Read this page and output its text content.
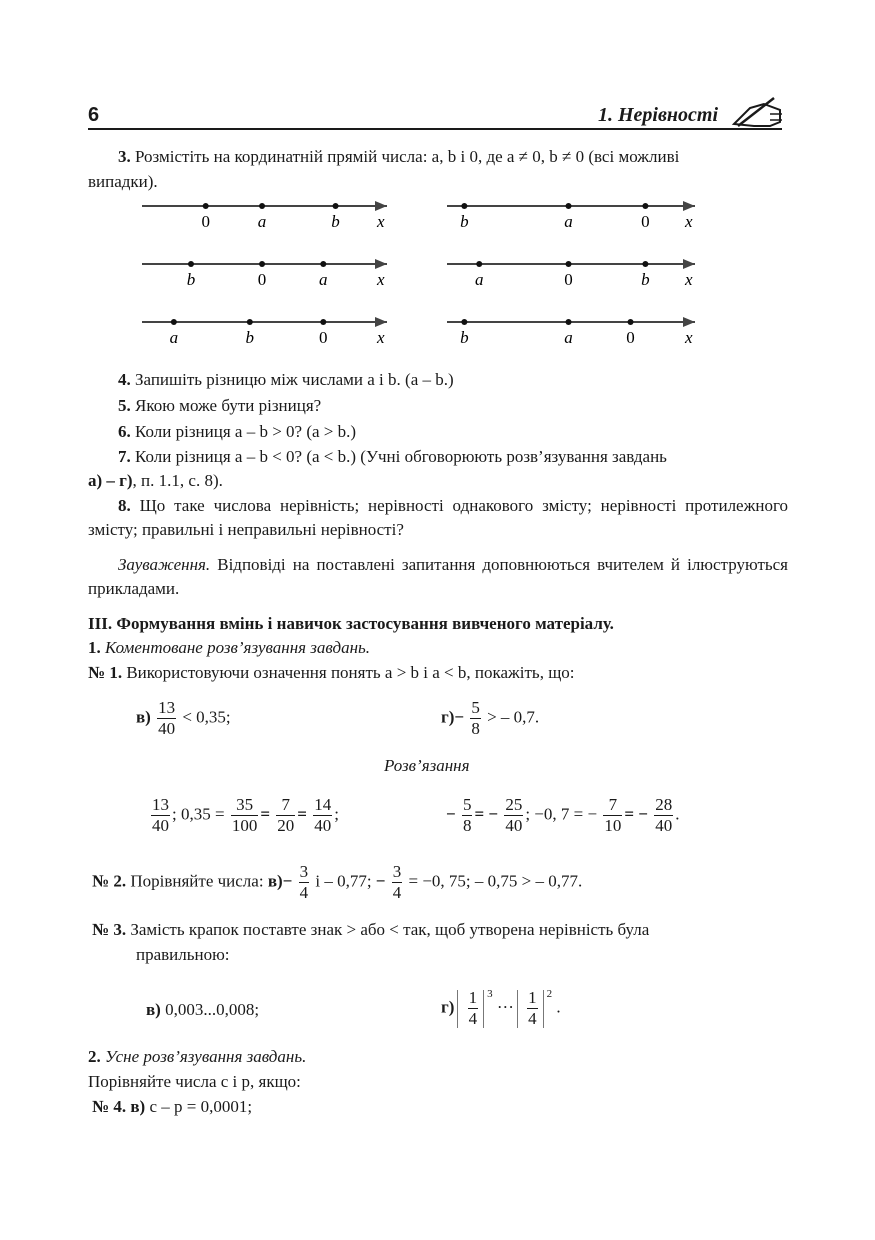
6	1. Нерівності
3. Розмістіть на кординатній прямій числа: a, b і 0, де a ≠ 0, b ≠ 0 (всі можливі
випадки).
x
0	a	b	x
b	a	0
x
b	0	a	x
a	0	b
x
a	b	0	x
b	a	0
4. Запишіть різницю між числами a і b. (a – b.)
5. Якою може бути різниця?
6. Коли різниця a – b > 0? (a > b.)
7. Коли різниця a – b < 0? (a < b.) (Учні обговорюють розв’язування завдань
а) – г), п. 1.1, с. 8).
8. Що таке числова нерівність; нерівності однакового змісту; нерівності протилежного змісту; правильні і неправильні нерівності?
Зауваження. Відповіді на поставлені запитання доповнюються вчителем й ілюструються прикладами.
ІІІ. Формування вмінь і навичок застосування вивченого матеріалу.
1. Коментоване розв’язування завдань.
№ 1. Використовуючи означення понять a > b і a < b, покажіть, що:
$в) \frac{13}{40} < 0,35$;	$г)- \frac{5}{8}$ > – 0,7.
Розв’язання
$\frac{13}{40}$ ; $0,35 = \frac{35}{100} = \frac{7}{20} = \frac{14}{40}$ ;	− $\frac{5}{8}$ = − $\frac{25}{40}$ ; −0, 7 = − $\frac{7}{10}$ = − $\frac{28}{40}$ .
№ 2. Порівняйте числа: $в)- \frac{3}{4}$ і – 0,77; − $\frac{3}{4} = -0$, 75; – 0,75 > – 0,77.
№ 3. Замість крапок поставте знак > або < так, щоб утворена нерівність була
правильною:
в) 0,003...0,008;	$г) \frac{1}{4} ^3$ ··· $\frac{1}{4} ^2$ .
2. Усне розв’язування завдань.
Порівняйте числа c і p, якщо:
№ 4. в) c – p = 0,0001;
